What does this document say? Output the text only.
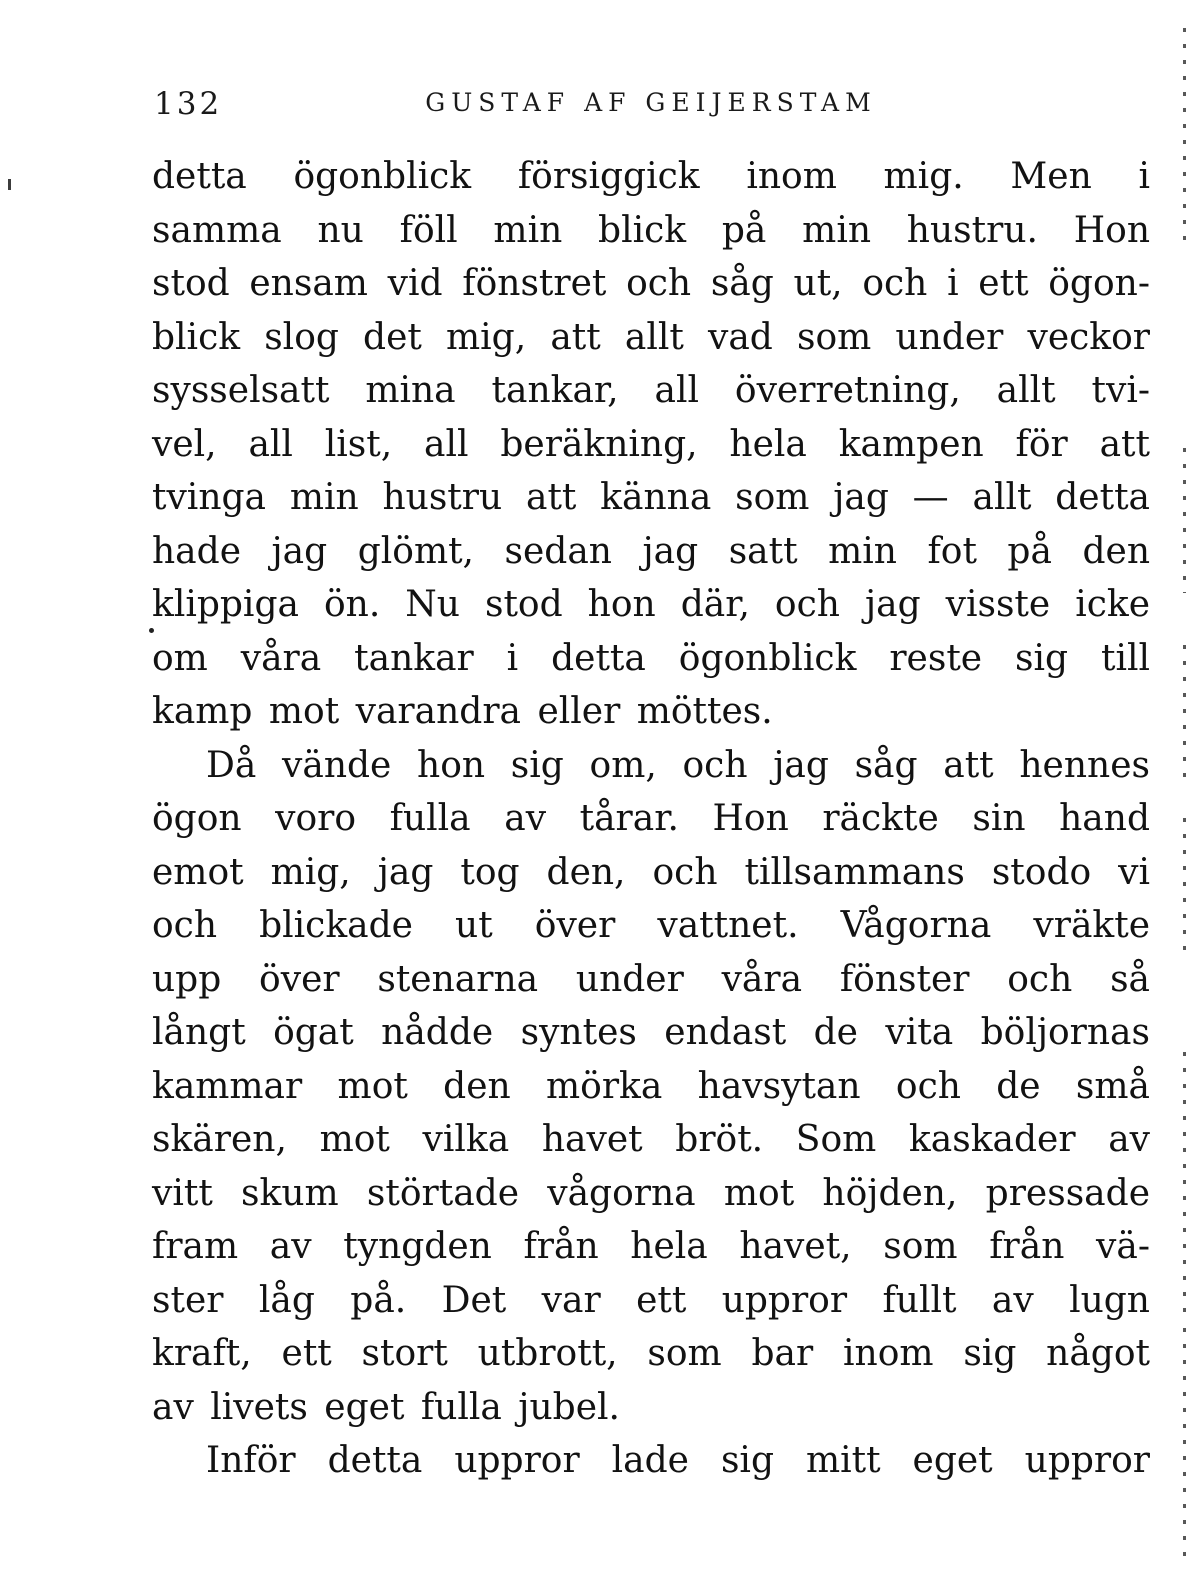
132	GUSTAF AF GEIJERSTAM
detta ögonblick försiggick inom mig. Men i
samma nu föll min blick på min hustru. Hon
stod ensam vid fönstret och såg ut, och i ett ögon-
blick slog det mig, att allt vad som under veckor
sysselsatt mina tankar, all överretning, allt tvi-
vel, all list, all beräkning, hela kampen för att
tvinga min hustru att känna som jag — allt detta
hade jag glömt, sedan jag satt min fot på den
klippiga ön. Nu stod hon där, och jag visste icke
om våra tankar i detta ögonblick reste sig till
kamp mot varandra eller möttes.
Då vände hon sig om, och jag såg att hennes
ögon voro fulla av tårar. Hon räckte sin hand
emot mig, jag tog den, och tillsammans stodo vi
och blickade ut över vattnet. Vågorna vräkte
upp över stenarna under våra fönster och så
långt ögat nådde syntes endast de vita böljornas
kammar mot den mörka havsytan och de små
skären, mot vilka havet bröt. Som kaskader av
vitt skum störtade vågorna mot höjden, pressade
fram av tyngden från hela havet, som från vä-
ster låg på. Det var ett uppror fullt av lugn
kraft, ett stort utbrott, som bar inom sig något
av livets eget fulla jubel.
Inför detta uppror lade sig mitt eget uppror
